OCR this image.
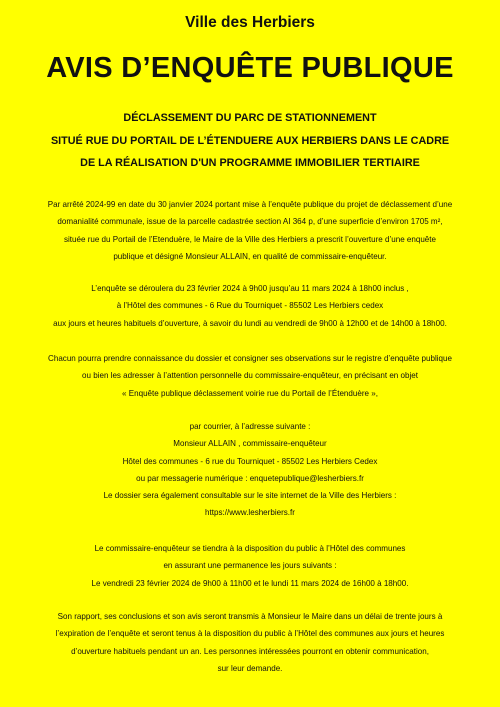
Ville des Herbiers
AVIS D’ENQUÊTE PUBLIQUE
DÉCLASSEMENT DU PARC DE STATIONNEMENT
SITUÉ RUE DU PORTAIL DE L’ÉTENDUERE AUX HERBIERS DANS LE CADRE
DE LA RÉALISATION D'UN PROGRAMME IMMOBILIER TERTIAIRE
Par arrêté 2024-99 en date du 30 janvier 2024 portant mise à l’enquête publique du projet de déclassement d’une
domanialité communale, issue de la parcelle cadastrée section AI 364 p, d’une superficie d’environ 1705 m²,
située rue du Portail de l’Etenduère, le Maire de la Ville des Herbiers a prescrit l’ouverture d’une enquête
publique et désigné Monsieur ALLAIN, en qualité de commissaire-enquêteur.
L’enquête se déroulera du 23 février 2024 à 9h00 jusqu’au 11 mars 2024 à 18h00 inclus ,
à l’Hôtel des communes - 6 Rue du Tourniquet - 85502 Les Herbiers cedex
aux jours et heures habituels d’ouverture, à savoir du lundi au vendredi de 9h00 à 12h00 et de 14h00 à 18h00.
Chacun pourra prendre connaissance du dossier et consigner ses observations sur le registre d’enquête publique
ou bien les adresser à l’attention personnelle du commissaire-enquêteur, en précisant en objet
« Enquête publique déclassement voirie rue du Portail de l’Étenduère »,
par courrier, à l’adresse suivante :
Monsieur ALLAIN , commissaire-enquêteur
Hôtel des communes - 6 rue du Tourniquet - 85502 Les Herbiers Cedex
ou par messagerie numérique : enquetepublique@lesherbiers.fr
Le dossier sera également consultable sur le site internet de la Ville des Herbiers :
https://www.lesherbiers.fr
Le commissaire-enquêteur se tiendra à la disposition du public à l’Hôtel des communes
en assurant une permanence les jours suivants :
Le vendredi 23 février 2024 de 9h00 à 11h00 et le lundi 11 mars 2024 de 16h00 à 18h00.
Son rapport, ses conclusions et son avis seront transmis à Monsieur le Maire dans un délai de trente jours à
l’expiration de l’enquête et seront tenus à la disposition du public à l’Hôtel des communes aux jours et heures
d’ouverture habituels pendant un an. Les personnes intéressées pourront en obtenir communication,
sur leur demande.
